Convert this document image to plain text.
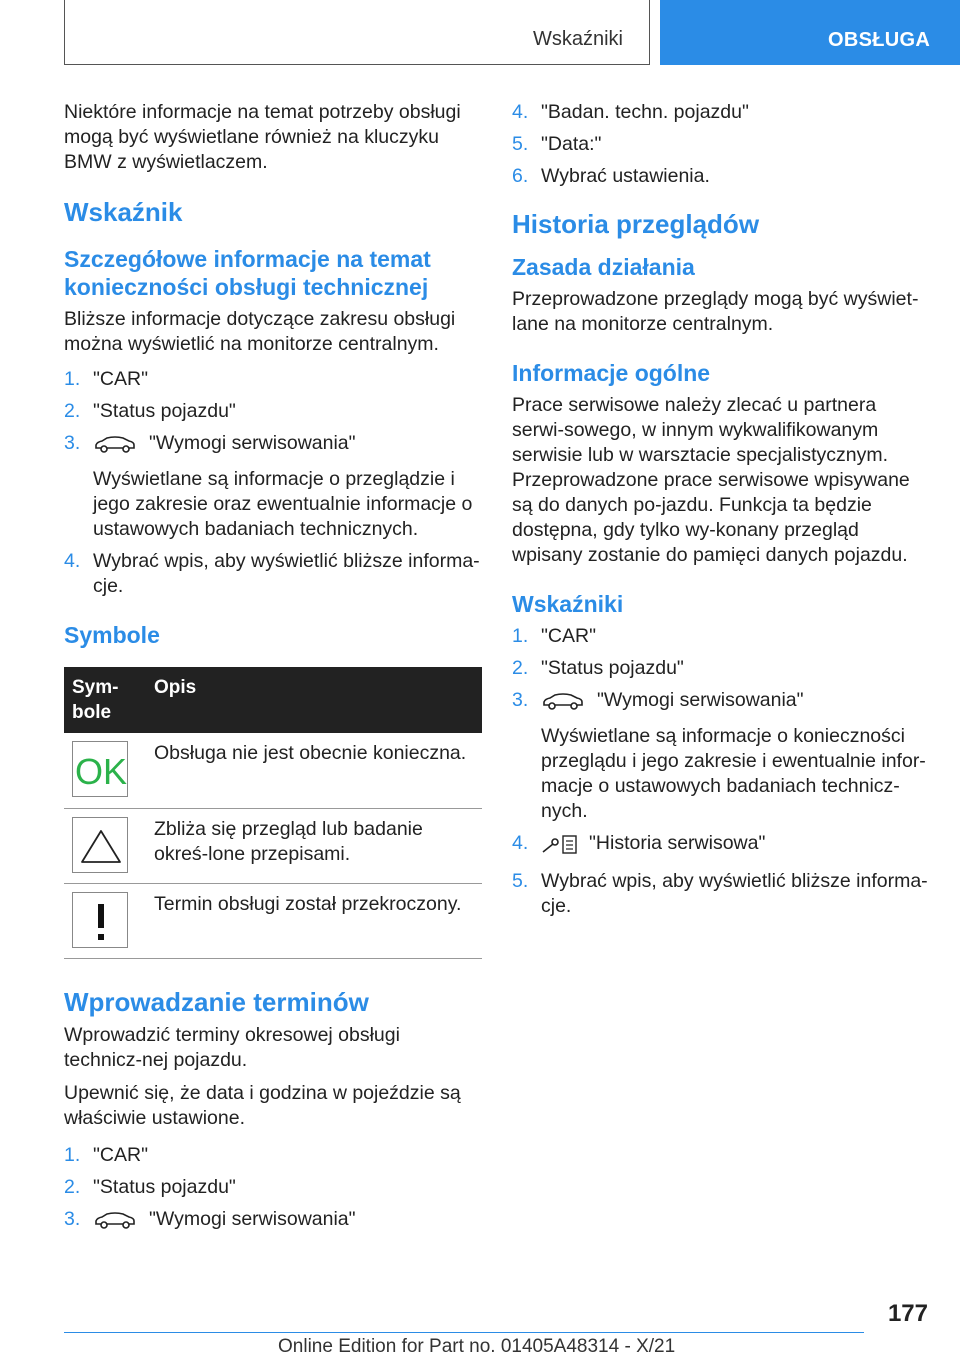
Wskaźniki	OBSŁUGA

Niektóre informacje na temat potrzeby obsługi mogą być wyświetlane również na kluczyku BMW z wyświetlaczem.

Wskaźnik
Szczegółowe informacje na temat konieczności obsługi technicznej

Bliższe informacje dotyczące zakresu obsługi można wyświetlić na monitorze centralnym.

1 . "CAR"
2 . "Status pojazdu"
3 .	"Wymogi serwisowania"
Wyświetlane są informacje o przeglądzie i jego zakresie oraz ewentualnie informacje o ustawowych badaniach technicznych.
4 . Wybrać wpis, aby wyświetlić bliższe informa-cje.
Symbole
Sym-bole	Opis

OK	Obsługa nie jest obecnie konieczna.

	Zbliża się przegląd lub badanie okreś-lone przepisami.

	Termin obsługi został przekroczony.
Wprowadzanie terminów

Wprowadzić terminy okresowej obsługi technicz-nej pojazdu.

Upewnić się, że data i godzina w pojeździe są właściwie ustawione.

1 . "CAR"
2 . "Status pojazdu"
3 .	"Wymogi serwisowania"
4 . "Badan. techn. pojazdu"
5 . "Data:"
6 . Wybrać ustawienia.
Historia przeglądów
Zasada działania

Przeprowadzone przeglądy mogą być wyświet-lane na monitorze centralnym.

Informacje ogólne

Prace serwisowe należy zlecać u partnera serwi-sowego, w innym wykwalifikowanym serwisie lub w warsztacie specjalistycznym. Przeprowadzone prace serwisowe wpisywane są do danych po-jazdu. Funkcja ta będzie dostępna, gdy tylko wy-konany przegląd wpisany zostanie do pamięci danych pojazdu.

Wskaźniki
1 . "CAR"
2 . "Status pojazdu"
3 .	"Wymogi serwisowania"
Wyświetlane są informacje o konieczności przeglądu i jego zakresie i ewentualnie infor-macje o ustawowych badaniach technicz-nych.
4 .	"Historia serwisowa"
5 . Wybrać wpis, aby wyświetlić bliższe informa-cje.
177
Online Edition for Part no. 01405A48314 - X/21
